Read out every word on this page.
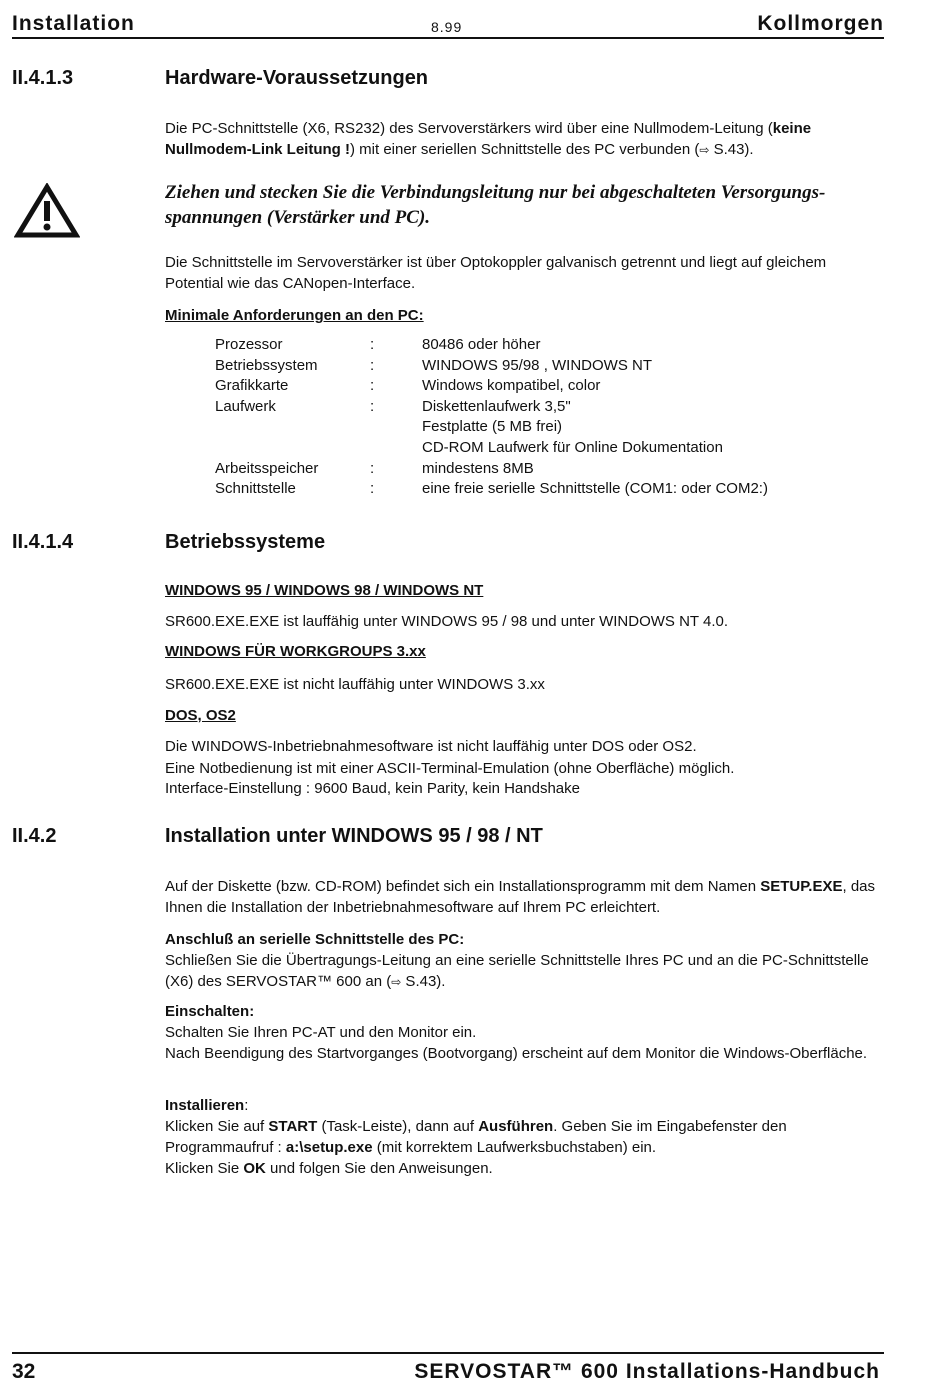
Installation	8.99	Kollmorgen
II.4.1.3	Hardware-Voraussetzungen
Die PC-Schnittstelle (X6, RS232) des Servoverstärkers wird über eine Nullmodem-Leitung (keine Nullmodem-Link Leitung !) mit einer seriellen Schnittstelle des PC verbunden (⇨ S.43).
Ziehen und stecken Sie die Verbindungsleitung nur bei abgeschalteten Versorgungs-spannungen (Verstärker und PC).
Die Schnittstelle im Servoverstärker ist über Optokoppler galvanisch getrennt und liegt auf gleichem Potential wie das CANopen-Interface.
Minimale Anforderungen an den PC:
Prozessor	:	80486 oder höher
Betriebssystem	:	WINDOWS 95/98 , WINDOWS NT
Grafikkarte	:	Windows kompatibel, color
Laufwerk	:	Diskettenlaufwerk 3,5"
		Festplatte (5 MB frei)
		CD-ROM Laufwerk für Online Dokumentation
Arbeitsspeicher	:	mindestens 8MB
Schnittstelle	:	eine freie serielle Schnittstelle (COM1: oder COM2:)
II.4.1.4	Betriebssysteme
WINDOWS 95 / WINDOWS 98 / WINDOWS NT
SR600.EXE.EXE ist lauffähig unter WINDOWS 95 / 98 und unter WINDOWS NT 4.0.
WINDOWS FÜR WORKGROUPS 3.xx
SR600.EXE.EXE ist nicht lauffähig unter WINDOWS 3.xx
DOS, OS2
Die WINDOWS-Inbetriebnahmesoftware ist nicht lauffähig unter DOS oder OS2.
Eine Notbedienung ist mit einer ASCII-Terminal-Emulation (ohne Oberfläche) möglich.
Interface-Einstellung : 9600 Baud, kein Parity, kein Handshake
II.4.2	Installation unter WINDOWS 95 / 98 / NT
Auf der Diskette (bzw. CD-ROM) befindet sich ein Installationsprogramm mit dem Namen SETUP.EXE, das Ihnen die Installation der Inbetriebnahmesoftware auf Ihrem PC erleichtert.
Anschluß an serielle Schnittstelle des PC:
Schließen Sie die Übertragungs-Leitung an eine serielle Schnittstelle Ihres PC und an die PC-Schnittstelle (X6) des SERVOSTAR™ 600 an (⇨ S.43).
Einschalten:
Schalten Sie Ihren PC-AT und den Monitor ein.
Nach Beendigung des Startvorganges (Bootvorgang) erscheint auf dem Monitor die Windows-Oberfläche.
Installieren:
Klicken Sie auf START (Task-Leiste), dann auf Ausführen. Geben Sie im Eingabefenster den Programmaufruf : a:\setup.exe (mit korrektem Laufwerksbuchstaben) ein.
Klicken Sie OK und folgen Sie den Anweisungen.
32	SERVOSTAR™ 600 Installations-Handbuch
